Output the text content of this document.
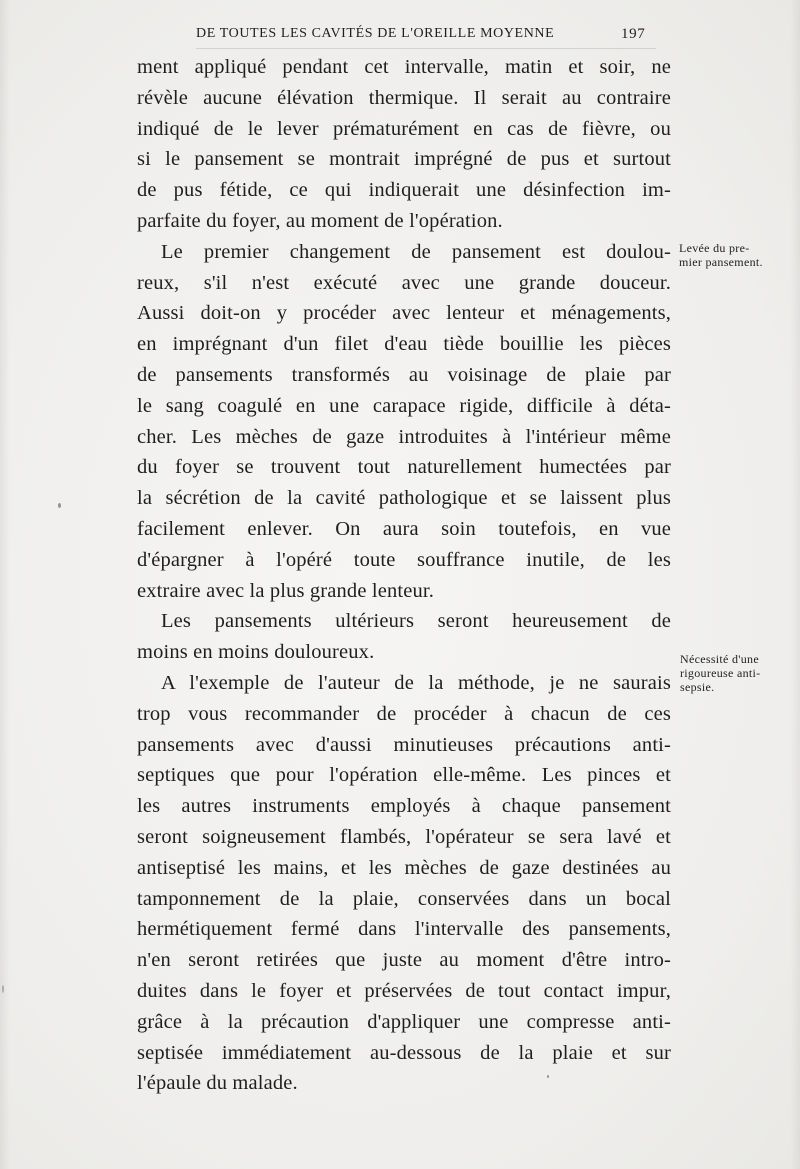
DE TOUTES LES CAVITÉS DE L'OREILLE MOYENNE	197

ment appliqué pendant cet intervalle, matin et soir, ne
révèle aucune élévation thermique. Il serait au contraire
indiqué de le lever prématurément en cas de fièvre, ou
si le pansement se montrait imprégné de pus et surtout
de pus fétide, ce qui indiquerait une désinfection im-
parfaite du foyer, au moment de l'opération.

Le premier changement de pansement est doulou-
reux, s'il n'est exécuté avec une grande douceur.
Aussi doit-on y procéder avec lenteur et ménagements,
en imprégnant d'un filet d'eau tiède bouillie les pièces
de pansements transformés au voisinage de plaie par
le sang coagulé en une carapace rigide, difficile à déta-
cher. Les mèches de gaze introduites à l'intérieur même
du foyer se trouvent tout naturellement humectées par
la sécrétion de la cavité pathologique et se laissent plus
facilement enlever. On aura soin toutefois, en vue
d'épargner à l'opéré toute souffrance inutile, de les
extraire avec la plus grande lenteur.

Les pansements ultérieurs seront heureusement de
moins en moins douloureux.

A l'exemple de l'auteur de la méthode, je ne saurais
trop vous recommander de procéder à chacun de ces
pansements avec d'aussi minutieuses précautions anti-
septiques que pour l'opération elle-même. Les pinces et
les autres instruments employés à chaque pansement
seront soigneusement flambés, l'opérateur se sera lavé et
antiseptisé les mains, et les mèches de gaze destinées au
tamponnement de la plaie, conservées dans un bocal
hermétiquement fermé dans l'intervalle des pansements,
n'en seront retirées que juste au moment d'être intro-
duites dans le foyer et préservées de tout contact impur,
grâce à la précaution d'appliquer une compresse anti-
septisée immédiatement au-dessous de la plaie et sur
l'épaule du malade.

Levée du pre-
mier pansement.
Nécessité d'une
rigoureuse anti-
sepsie.
